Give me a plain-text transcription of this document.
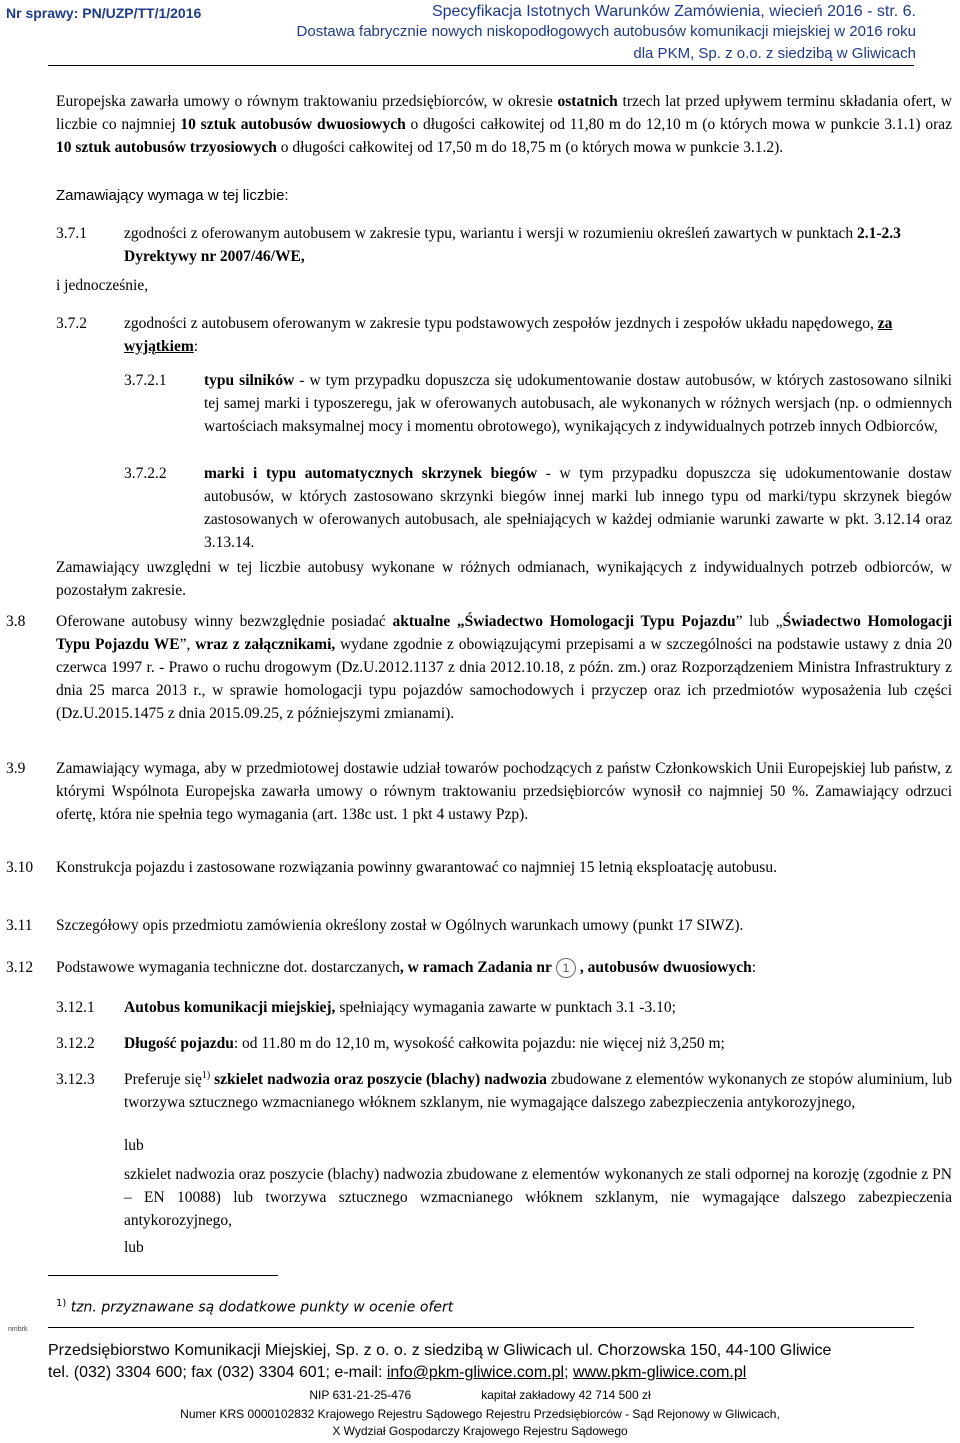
Nr sprawy: PN/UZP/TT/1/2016	Specyfikacja Istotnych Warunków Zamówienia, wiecień 2016 - str. 6.
Dostawa fabrycznie nowych niskopodłogowych autobusów komunikacji miejskiej w 2016 roku
dla PKM, Sp. z o.o. z siedzibą w Gliwicach
Europejska zawarła umowy o równym traktowaniu przedsiębiorców, w okresie ostatnich trzech lat przed upływem terminu składania ofert, w liczbie co najmniej 10 sztuk autobusów dwuosiowych o długości całkowitej od 11,80 m do 12,10 m (o których mowa w punkcie 3.1.1) oraz 10 sztuk autobusów trzyosiowych o długości całkowitej od 17,50 m do 18,75 m (o których mowa w punkcie 3.1.2).
Zamawiający wymaga w tej liczbie:
3.7.1 zgodności z oferowanym autobusem w zakresie typu, wariantu i wersji w rozumieniu określeń zawartych w punktach 2.1-2.3 Dyrektywy nr 2007/46/WE,
i jednocześnie,
3.7.2 zgodności z autobusem oferowanym w zakresie typu podstawowych zespołów jezdnych i zespołów układu napędowego, za wyjątkiem:
3.7.2.1 typu silników - w tym przypadku dopuszcza się udokumentowanie dostaw autobusów, w których zastosowano silniki tej samej marki i typoszeregu, jak w oferowanych autobusach, ale wykonanych w różnych wersjach (np. o odmiennych wartościach maksymalnej mocy i momentu obrotowego), wynikających z indywidualnych potrzeb innych Odbiorców,
3.7.2.2 marki i typu automatycznych skrzynek biegów - w tym przypadku dopuszcza się udokumentowanie dostaw autobusów, w których zastosowano skrzynki biegów innej marki lub innego typu od marki/typu skrzynek biegów zastosowanych w oferowanych autobusach, ale spełniających w każdej odmianie warunki zawarte w pkt. 3.12.14 oraz 3.13.14.
Zamawiający uwzględni w tej liczbie autobusy wykonane w różnych odmianach, wynikających z indywidualnych potrzeb odbiorców, w pozostałym zakresie.
3.8 Oferowane autobusy winny bezwzględnie posiadać aktualne „Świadectwo Homologacji Typu Pojazdu” lub „Świadectwo Homologacji Typu Pojazdu WE”, wraz z załącznikami, wydane zgodnie z obowiązującymi przepisami a w szczególności na podstawie ustawy z dnia 20 czerwca 1997 r. - Prawo o ruchu drogowym (Dz.U.2012.1137 z dnia 2012.10.18, z późn. zm.) oraz Rozporządzeniem Ministra Infrastruktury z dnia 25 marca 2013 r., w sprawie homologacji typu pojazdów samochodowych i przyczep oraz ich przedmiotów wyposażenia lub części (Dz.U.2015.1475 z dnia 2015.09.25, z późniejszymi zmianami).
3.9 Zamawiający wymaga, aby w przedmiotowej dostawie udział towarów pochodzących z państw Członkowskich Unii Europejskiej lub państw, z którymi Wspólnota Europejska zawarła umowy o równym traktowaniu przedsiębiorców wynosił co najmniej 50 %. Zamawiający odrzuci ofertę, która nie spełnia tego wymagania (art. 138c ust. 1 pkt 4 ustawy Pzp).
3.10 Konstrukcja pojazdu i zastosowane rozwiązania powinny gwarantować co najmniej 15 letnią eksploatację autobusu.
3.11 Szczegółowy opis przedmiotu zamówienia określony został w Ogólnych warunkach umowy (punkt 17 SIWZ).
3.12 Podstawowe wymagania techniczne dot. dostarczanych, w ramach Zadania nr 1 , autobusów dwuosiowych:
3.12.1 Autobus komunikacji miejskiej, spełniający wymagania zawarte w punktach 3.1 -3.10;
3.12.2 Długość pojazdu: od 11.80 m do 12,10 m, wysokość całkowita pojazdu: nie więcej niż 3,250 m;
3.12.3 Preferuje się$^{1)}$ szkielet nadwozia oraz poszycie (blachy) nadwozia zbudowane z elementów wykonanych ze stopów aluminium, lub tworzywa sztucznego wzmacnianego włóknem szklanym, nie wymagające dalszego zabezpieczenia antykorozyjnego,
lub
szkielet nadwozia oraz poszycie (blachy) nadwozia zbudowane z elementów wykonanych ze stali odpornej na korozję (zgodnie z PN – EN 10088) lub tworzywa sztucznego wzmacnianego włóknem szklanym, nie wymagające dalszego zabezpieczenia antykorozyjnego,
lub
$^{1)}$ tzn. przyznawane są dodatkowe punkty w ocenie ofert
nmbrk
Przedsiębiorstwo Komunikacji Miejskiej, Sp. z o. o. z siedzibą w Gliwicach ul. Chorzowska 150, 44-100 Gliwice
tel. (032) 3304 600; fax (032) 3304 601; e-mail: info@pkm-gliwice.com.pl; www.pkm-gliwice.com.pl
NIP 631-21-25-476	kapitał zakładowy 42 714 500 zł
Numer KRS 0000102832 Krajowego Rejestru Sądowego Rejestru Przedsiębiorców - Sąd Rejonowy w Gliwicach,
X Wydział Gospodarczy Krajowego Rejestru Sądowego
